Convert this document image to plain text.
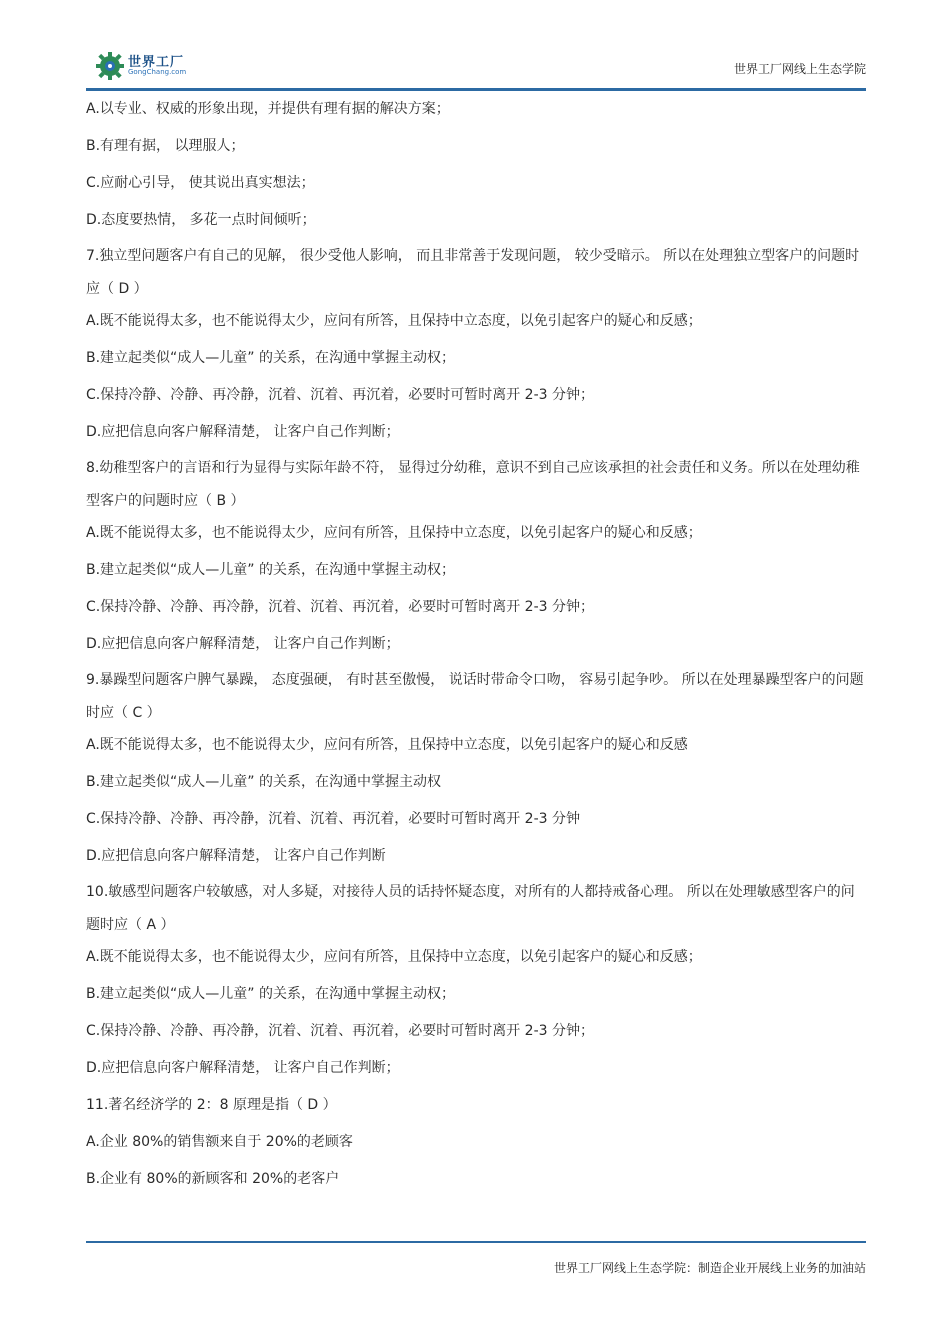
世界工厂
GongChang.com	世界工厂网线上生态学院
A.以专业、权威的形象出现，并提供有理有据的解决方案；
B.有理有据， 以理服人；
C.应耐心引导， 使其说出真实想法；
D.态度要热情， 多花一点时间倾听；
7.独立型问题客户有自己的见解， 很少受他人影响， 而且非常善于发现问题， 较少受暗示。 所以在处理独立型客户的问题时应（ D ）
A.既不能说得太多，也不能说得太少，应问有所答，且保持中立态度，以免引起客户的疑心和反感；
B.建立起类似“成人—儿童” 的关系，在沟通中掌握主动权；
C.保持冷静、冷静、再冷静，沉着、沉着、再沉着，必要时可暂时离开 2-3 分钟；
D.应把信息向客户解释清楚， 让客户自己作判断；
8.幼稚型客户的言语和行为显得与实际年龄不符， 显得过分幼稚，意识不到自己应该承担的社会责任和义务。所以在处理幼稚型客户的问题时应（ B ）
A.既不能说得太多，也不能说得太少，应问有所答，且保持中立态度，以免引起客户的疑心和反感；
B.建立起类似“成人—儿童” 的关系，在沟通中掌握主动权；
C.保持冷静、冷静、再冷静，沉着、沉着、再沉着，必要时可暂时离开 2-3 分钟；
D.应把信息向客户解释清楚， 让客户自己作判断；
9.暴躁型问题客户脾气暴躁， 态度强硬， 有时甚至傲慢， 说话时带命令口吻， 容易引起争吵。 所以在处理暴躁型客户的问题时应（ C ）
A.既不能说得太多，也不能说得太少，应问有所答，且保持中立态度，以免引起客户的疑心和反感
B.建立起类似“成人—儿童” 的关系，在沟通中掌握主动权
C.保持冷静、冷静、再冷静，沉着、沉着、再沉着，必要时可暂时离开 2-3 分钟
D.应把信息向客户解释清楚， 让客户自己作判断
10.敏感型问题客户较敏感，对人多疑，对接待人员的话持怀疑态度，对所有的人都持戒备心理。 所以在处理敏感型客户的问题时应（ A ）
A.既不能说得太多，也不能说得太少，应问有所答，且保持中立态度，以免引起客户的疑心和反感；
B.建立起类似“成人—儿童” 的关系，在沟通中掌握主动权；
C.保持冷静、冷静、再冷静，沉着、沉着、再沉着，必要时可暂时离开 2-3 分钟；
D.应把信息向客户解释清楚， 让客户自己作判断；
11.著名经济学的 2：8 原理是指（ D ）
A.企业 80%的销售额来自于 20%的老顾客
B.企业有 80%的新顾客和 20%的老客户
世界工厂网线上生态学院：制造企业开展线上业务的加油站
